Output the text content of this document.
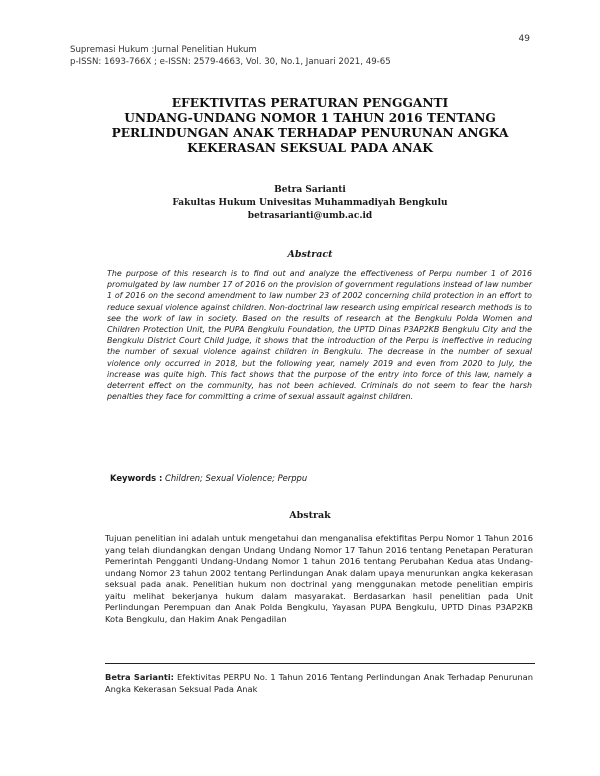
49
Supremasi Hukum :Jurnal Penelitian Hukum
p-ISSN: 1693-766X ; e-ISSN: 2579-4663, Vol. 30, No.1, Januari 2021, 49-65
EFEKTIVITAS PERATURAN PENGGANTI
UNDANG-UNDANG NOMOR 1 TAHUN 2016 TENTANG
PERLINDUNGAN ANAK TERHADAP PENURUNAN ANGKA
KEKERASAN SEKSUAL PADA ANAK
Betra Sarianti
Fakultas Hukum Univesitas Muhammadiyah Bengkulu
betrasarianti@umb.ac.id
Abstract
The purpose of this research is to find out and analyze the effectiveness of Perpu number 1 of 2016 promulgated by law number 17 of 2016 on the provision of government regulations instead of law number 1 of 2016 on the second amendment to law number 23 of 2002 concerning child protection in an effort to reduce sexual violence against children. Non-doctrinal law research using empirical research methods is to see the work of law in society. Based on the results of research at the Bengkulu Polda Women and Children Protection Unit, the PUPA Bengkulu Foundation, the UPTD Dinas P3AP2KB Bengkulu City and the Bengkulu District Court Child Judge, it shows that the introduction of the Perpu is ineffective in reducing the number of sexual violence against children in Bengkulu. The decrease in the number of sexual violence only occurred in 2018, but the following year, namely 2019 and even from 2020 to July, the increase was quite high. This fact shows that the purpose of the entry into force of this law, namely a deterrent effect on the community, has not been achieved. Criminals do not seem to fear the harsh penalties they face for committing a crime of sexual assault against children.
Keywords : Children; Sexual Violence; Perppu
Abstrak
Tujuan penelitian ini adalah untuk mengetahui dan menganalisa efektifitas Perpu Nomor 1 Tahun 2016 yang telah diundangkan dengan Undang Undang Nomor 17 Tahun 2016 tentang Penetapan Peraturan Pemerintah Pengganti Undang-Undang Nomor 1 tahun 2016 tentang Perubahan Kedua atas Undang-undang Nomor 23 tahun 2002 tentang Perlindungan Anak dalam upaya menurunkan angka kekerasan seksual pada anak. Penelitian hukum non doctrinal yang menggunakan metode penelitian empiris yaitu melihat bekerjanya hukum dalam masyarakat. Berdasarkan hasil penelitian pada Unit Perlindungan Perempuan dan Anak Polda Bengkulu, Yayasan PUPA Bengkulu, UPTD Dinas P3AP2KB Kota Bengkulu, dan Hakim Anak Pengadilan
Betra Sarianti: Efektivitas PERPU No. 1 Tahun 2016 Tentang Perlindungan Anak Terhadap Penurunan Angka Kekerasan Seksual Pada Anak
